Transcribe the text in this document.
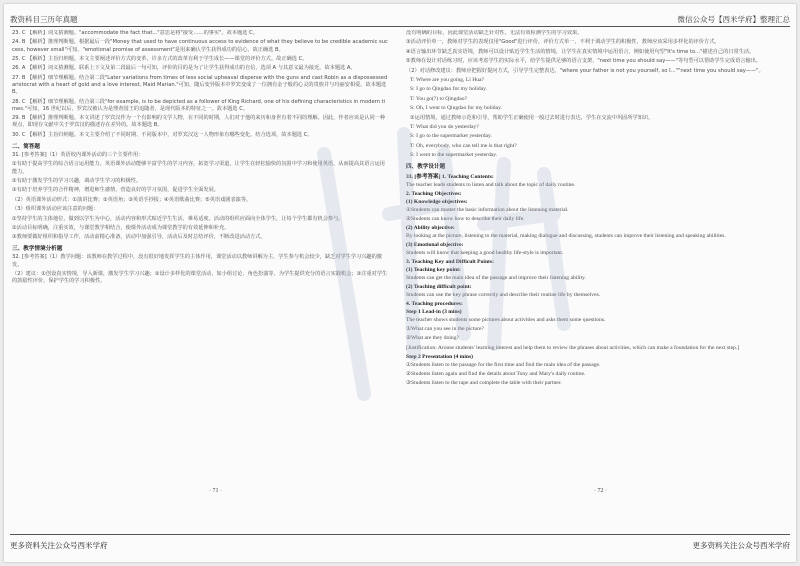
教资科目三历年真题	微信公众号【西米学府】整理汇总
23. C 【解析】词义猜测题。"accommodate the fact that..."意思是将"接受……的事实"。故本题选 C。
24. B 【解析】推理判断题。根据最后一段"Money that used to have continuous access to evidence of what they believe to be credible academic success, however small"可知，"emotional promise of assessment"是用来确认学生获得成功的信心，故正确选 B。
25. C 【解析】主旨归纳题。本文主要阐述评价方式的变革，许多方式的改革有利于学生成长——课堂的评价方式。故正确选 C。
26. A 【解析】词义猜测题。联系上下文及第二段最后一句可知，评价的目的是为了让学生获得成功的自信，选项 A 与其意义最为接近。故本题选 A。
27. B 【解析】细节理解题。结合第二段"Later variations from times of less social upheaval disperse with the guns and cast Robin as a dispossessed aristocrat with a heart of gold and a love interest, Maid Marian."可知，随后变异版本中罗宾变成了一位拥有金子般的心灵的贵族并与玛丽安相爱。故本题选 B。
28. C 【解析】细节理解题。结合第三段"for example, is to be depicted as a follower of King Richard, one of his defining characteristics in modern times."可知，16 世纪以后，罗宾汉被认为是理查国王的追随者，是现代版本的特征之一。故本题选 C。
29. B 【解析】推理判断题。本文讲述了罗宾汉作为一个有影响的文学人物，在不同的时期，人们对于他的来历和身世有着不同的理解。因此，作者应该是认同一种观点，即现存文献中关于罗宾汉的描述存在差异的。故本题选 B。
30. C 【解析】主旨归纳题。本文主要介绍了不同时期、不同版本中，对罗宾汉这一人物形象有哪些变化。结合选项，故本题选 C。
二、简答题
31. [参考答案]（1）英语校内课外活动的三个主要作用：
①有助于提高学生的综合语言运用能力。英语课外活动能够丰富学生的学习内容，拓宽学习渠道，让学生在轻松愉快的氛围中学习和使用英语，从而提高其语言运用能力。
②有助于激发学生的学习兴趣，调动学生学习的积极性。
③有助于培养学生的合作精神，增进师生感情，营造良好的学习氛围，促进学生全面发展。
（2）英语课外活动形式：①演讲比赛；②英语角；③英语手抄报；④英语歌曲比赛；⑤英语戏剧表演等。
（3）组织课外活动应该注意的问题：
①坚持学生的主体地位，做到以学生为中心，活动内容和形式贴近学生生活，难易适度。活动的组织应面向全体学生，让每个学生都有机会参与。
②活动目标明确，注重实效，与课堂教学相结合，使课外活动成为课堂教学的有效延伸和补充。
③教师要做好组织和指导工作，活动前精心准备，活动中加强引导，活动后及时总结评价，不断改进活动方式。
三、教学情境分析题
32. [参考答案]（1）教学问题：该教师在教学过程中，没有很好地发挥学生的主体作用，课堂活动以教师讲解为主，学生参与机会较少，缺乏对学生学习兴趣的激发。
（2）建议：①创设真实情境，导入新课，激发学生学习兴趣；②设计多样化的课堂活动，如小组讨论、角色扮演等，为学生提供充分的语言实践机会；③注重对学生的鼓励性评价，保护学生的学习积极性。
没有明确的目标，因此课堂活动缺乏针对性，无法有效检测学生的学习效果。
③活动评价单一，教师对学生的表现仅用"Good"进行评价，评价方式单一，不利于调动学生的积极性，教师应该采用多样化的评价方式。
④语言输出环节缺乏真实语境，教师可以设计贴近学生生活的情境，让学生在真实情境中运用语言，例如使用句型"It's time to..."描述自己的日常生活。
⑤教师在设计对话练习时，应该考虑学生的实际水平，给学生提供足够的语言支架，"next time you should say——"等句型可以帮助学生完成语言输出。
（2）对话修改建议：教师应把握好提问方式，引导学生完整表达，"where your father is not you yourself, so I...""next time you should say——"。
T: Where are you going, Li Hua?
S: I go to Qingdao for my holiday.
T: You go(?) to Qingdao?
S: Oh, I went to Qingdao for my holiday.
②运用情境，通过教师示范和引导，帮助学生正确使用一般过去时进行表达，学生在交流中巩固所学知识。
T: What did you do yesterday?
S: I go to the supermarket yesterday.
T: Oh, everybody, who can tell me is that right?
S: I went to the supermarket yesterday.
四、教学设计题
33. [参考答案] 1. Teaching Contents:
The teacher leads students to listen and talk about the topic of daily routine.
2. Teaching Objectives:
(1) Knowledge objectives:
①Students can master the basic information about the listening material.
②Students can know how to describe their daily life.
(2) Ability objective:
By looking at the picture, listening to the material, making dialogue and discussing, students can improve their listening and speaking abilities.
(3) Emotional objective:
Students will know that keeping a good healthy life-style is important.
3. Teaching Key and Difficult Points:
(1) Teaching key point:
Students can get the main idea of the passage and improve their listening ability.
(2) Teaching difficult point:
Students can use the key phrase correctly and describe their routine life by themselves.
4. Teaching procedures:
Step 1 Lead-in (3 mins)
The teacher shows students some pictures about activities and asks them some questions.
①What can you see in the picture?
②What are they doing?
[Justification: Arouse students' learning interest and help them to review the phrases about activities, which can make a foundation for the next step.]
Step 2 Presentation (4 mins)
①Students listen to the passage for the first time and find the main idea of the passage.
②Students listen again and find the details about Tony and Mary's daily routine.
③Students listen to the tape and complete the table with their partner.
· 71 ·	· 72 ·
更多资料关注公众号西米学府	更多资料关注公众号西米学府
